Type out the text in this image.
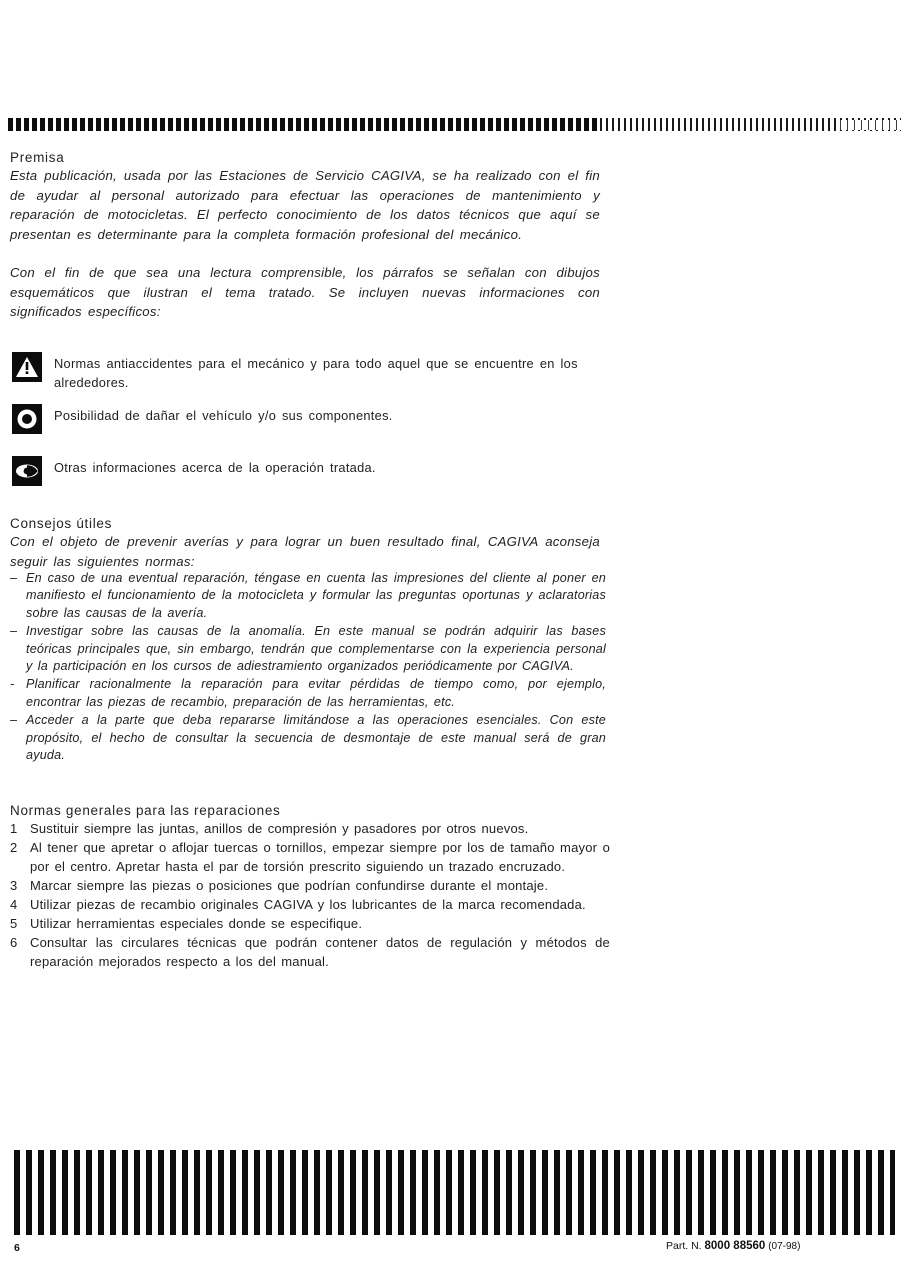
Premisa
Esta publicación, usada por las Estaciones de Servicio CAGIVA, se ha realizado con el fin de ayudar al personal autorizado para efectuar las operaciones de mantenimiento y reparación de motocicletas. El perfecto conocimiento de los datos técnicos que aquí se presentan es determinante para la completa formación profesional del mecánico.
Con el fin de que sea una lectura comprensible, los párrafos se señalan con dibujos esquemáticos que ilustran el tema tratado. Se incluyen nuevas informaciones con significados específicos:
Normas antiaccidentes para el mecánico y para todo aquel que se encuentre en los alrededores.
Posibilidad de dañar el vehículo y/o sus componentes.
Otras informaciones acerca de la operación tratada.
Consejos útiles
Con el objeto de prevenir averías y para lograr un buen resultado final, CAGIVA aconseja seguir las siguientes normas:
– En caso de una eventual reparación, téngase en cuenta las impresiones del cliente al poner en manifiesto el funcionamiento de la motocicleta y formular las preguntas oportunas y aclaratorias sobre las causas de la avería.
– Investigar sobre las causas de la anomalía. En este manual se podrán adquirir las bases teóricas principales que, sin embargo, tendrán que complementarse con la experiencia personal y la participación en los cursos de adiestramiento organizados periódicamente por CAGIVA.
- Planificar racionalmente la reparación para evitar pérdidas de tiempo como, por ejemplo, encontrar las piezas de recambio, preparación de las herramientas, etc.
– Acceder a la parte que deba repararse limitándose a las operaciones esenciales. Con este propósito, el hecho de consultar la secuencia de desmontaje de este manual será de gran ayuda.
Normas generales para las reparaciones
1 Sustituir siempre las juntas, anillos de compresión y pasadores por otros nuevos.
2 Al tener que apretar o aflojar tuercas o tornillos, empezar siempre por los de tamaño mayor o por el centro. Apretar hasta el par de torsión prescrito siguiendo un trazado encruzado.
3 Marcar siempre las piezas o posiciones que podrían confundirse durante el montaje.
4 Utilizar piezas de recambio originales CAGIVA y los lubricantes de la marca recomendada.
5 Utilizar herramientas especiales donde se especifique.
6 Consultar las circulares técnicas que podrán contener datos de regulación y métodos de reparación mejorados respecto a los del manual.
6	Part. N. 8000 88560 (07-98)
